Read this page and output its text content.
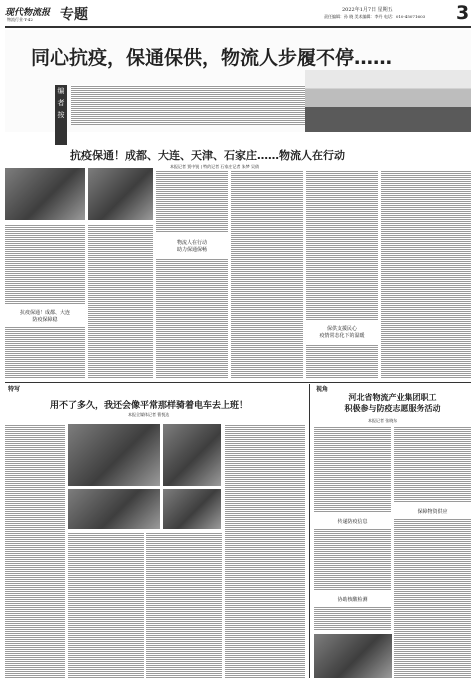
现代物流报
物流行业·T-42 专题	2022年1月7日 星期五
责任编辑：孙 晓 美术编辑：李丹 电话：010-45071603 3
同心抗疫，保通保供，物流人步履不停……
编
者
按
抗疫保通！成都、大连、天津、石家庄……物流人在行动
本报记者 贾中锐 | 特约记者 石家庄记者 朱梦 吴倩
抗疫保通！成都、大连
防疫保障稳
物流人在行动
助力保通保畅
保供支援民心
疫情常态化下的温暖
特写	视角
用不了多久，我还会像平常那样骑着电车去上班！
本报全媒体记者 曹悦达
河北省物流产业集团职工
积极参与防疫志愿服务活动
本报记者 张晓东
传递防疫信息
协助核酸检测
保障物资供应
